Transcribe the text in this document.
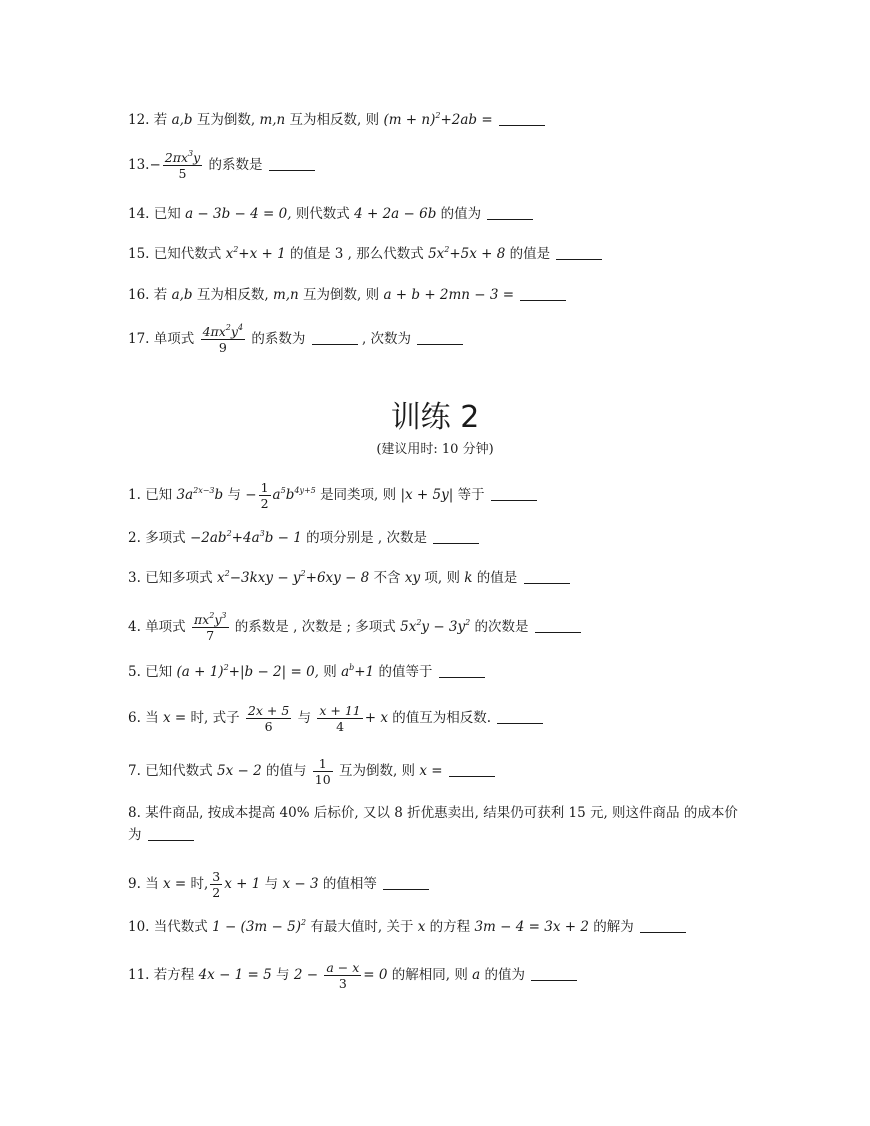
12. 若 a,b 互为倒数, m,n 互为相反数, 则 $(m + n)^2+2ab$ =
$13.- \frac{2\pi x^3y}{5}$ 的系数是
14. 已知 a − 3b − 4 = 0, 则代数式 4 + 2a − 6b 的值为
15. 已知代数式 $x^2+x + 1$ 的值是 3 , 那么代数式 $5x^2+5x + 8$ 的值是
16. 若 a,b 互为相反数, m,n 互为倒数, 则 a + b + 2mn − 3 =
17. 单项式 $\frac{4\pi x^2y^4}{9}$ 的系数为	, 次数为
训练 2
(建议用时: 10 分钟)
1. 已知 $3a^{2x-3}b$ 与 − $\frac{1}{2} a^5b^{4y+5}$ 是同类项, 则 |x + 5y| 等于
2. 多项式 $-2ab^2+4a^3b - 1$ 的项分别是 , 次数是
3. 已知多项式 $x^2-3kxy - y^2+6xy - 8$ 不含 xy 项, 则 k 的值是
4. 单项式 $\frac{\pi x^2y^3}{7}$ 的系数是 , 次数是 ; 多项式 $5x^2y - 3y^2$ 的次数是
5. 已知 $(a + 1)^2+|b - 2| = 0$, 则 $a^b+1$ 的值等于
6. 当 x = 时, 式子 $\frac{2x + 5}{6}$ 与 $\frac{x + 11}{4} + x$ 的值互为相反数.
7. 已知代数式 5x − 2 的值与 $\frac{1}{10}$ 互为倒数, 则 x =
8. 某件商品, 按成本提高 40% 后标价, 又以 8 折优惠卖出, 结果仍可获利 15 元, 则这件商品 的成本价为
9. 当 x = 时, $\frac{3}{2}$ x + 1 与 x − 3 的值相等
10. 当代数式 $1 - (3m - 5)^2$ 有最大值时, 关于 x 的方程 3m − 4 = 3x + 2 的解为
11. 若方程 4x − 1 = 5 与 $2 - \frac{a - x}{3} = 0$ 的解相同, 则 a 的值为
